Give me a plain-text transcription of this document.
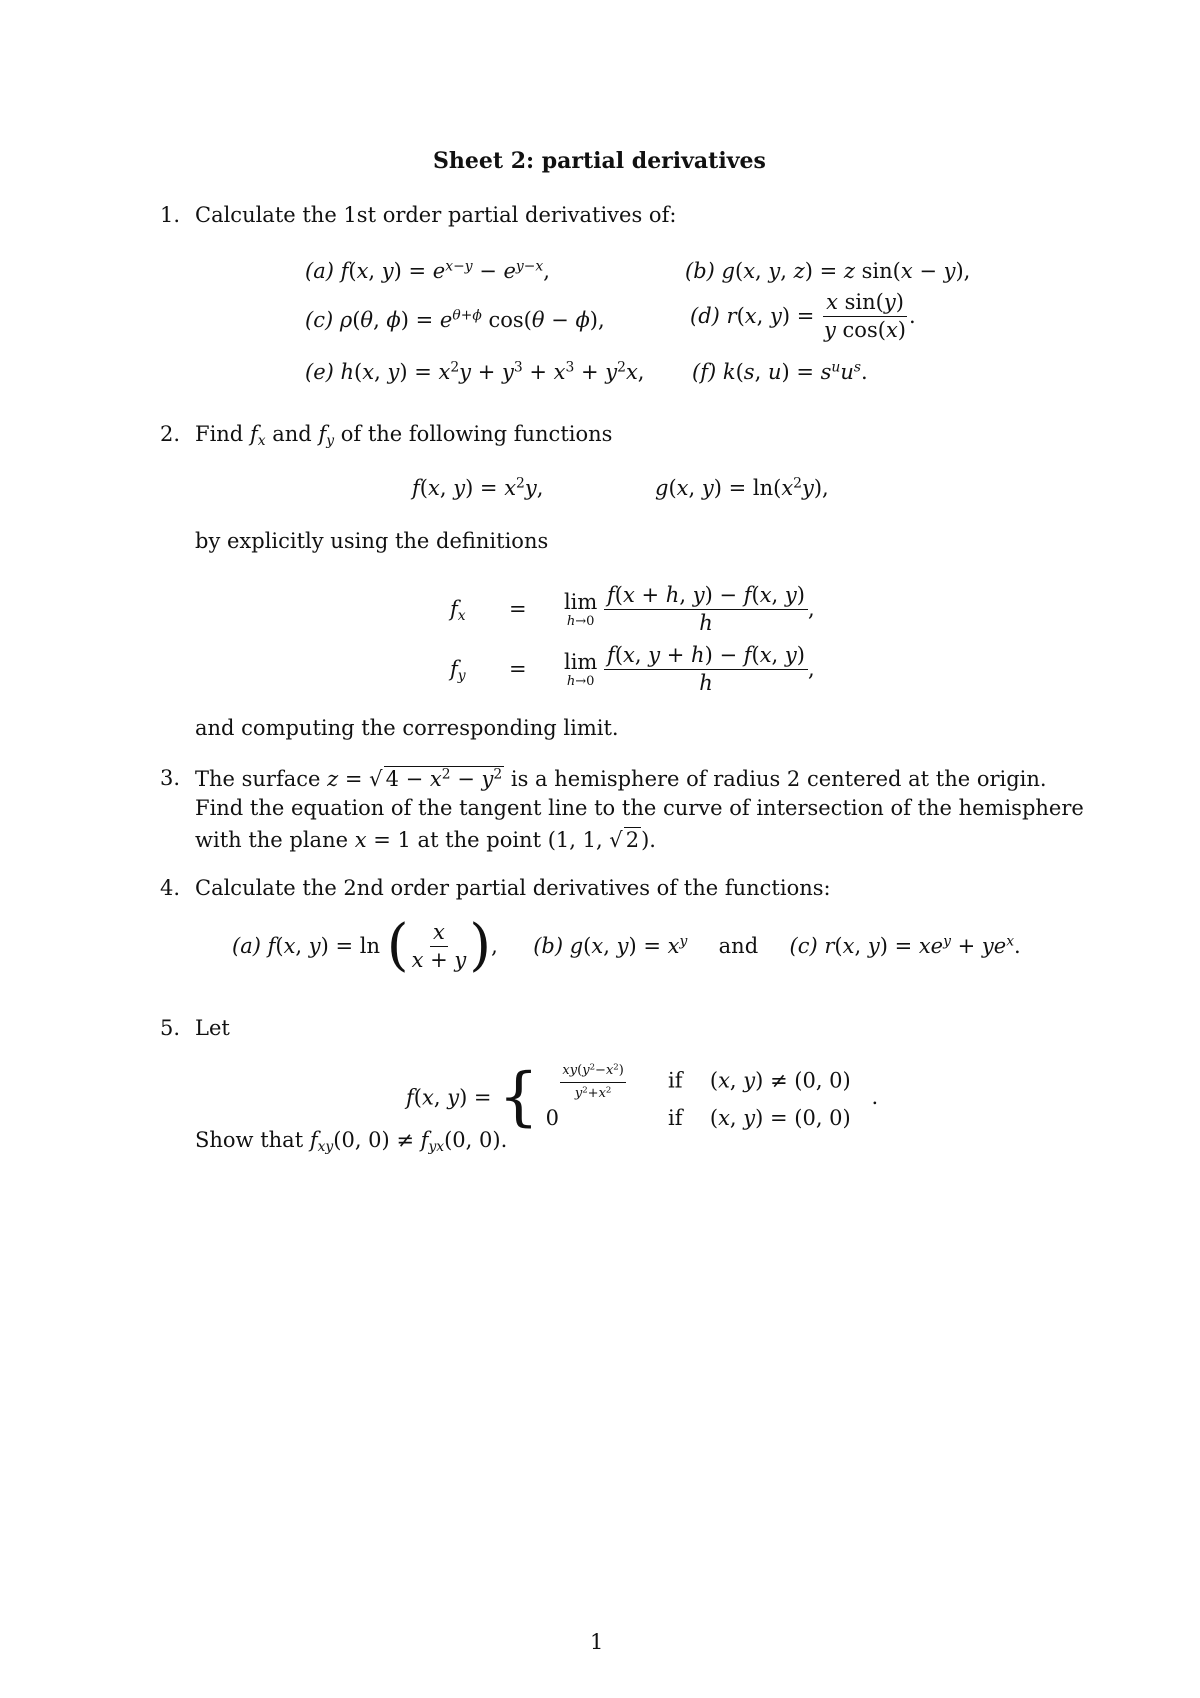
Sheet 2: partial derivatives
1. Calculate the 1st order partial derivatives of:
(a) f(x, $y) = e^{x-y} - e^{y-x}$,	(b) g(x, y, z) = z sin(x − y),
(c) ρ(θ, $\phi) = e^{\theta+\phi}$ cos(θ − ϕ),	(d) r(x, $y) = \frac{\text{x sin(y)}}{\text{y cos(x)}}$ .
(e) h(x, $y) = x^2y + y^3 + x^3 + y^2x$, (f) k(s, $u) = s^uu^s$.
2. Find $f_x$ and $f_y$ of the following functions
f(x, $y) = x^2y$,	g(x, $y) = \ln(x^2y)$,
by explicitly using the definitions
$f_x = \lim$
h→0
$\frac{f(x + h, y) - f(x, y)}{h}$ ,
$f_y = \lim$
h→0
$\frac{f(x, y + h) - f(x, y)}{h}$ ,
and computing the corresponding limit.
3. The surface z = √ $4 - x^2 - y^2$ is a hemisphere of radius 2 centered at the origin.
Find the equation of the tangent line to the curve of intersection of the hemisphere
with the plane x = 1 at the point (1, 1, √ 2).
4. Calculate the 2nd order partial derivatives of the functions:
(a) f(x, y) = ln ( $\frac{x}{x + y}$ ), (b) g(x, $y) = x^y$ and (c) r(x, $y) = xe^y + ye^x$.
5. Let
f(x, y) = { $\frac{xy(y^2-x^2)}{y^2+x^2}$ if  (x, y) ≠ (0, 0)
0	if  (x, y) = (0, 0)
.
Show that $f_{xy}(0$, $0) \ne f_{yx}(0$, 0).
1
